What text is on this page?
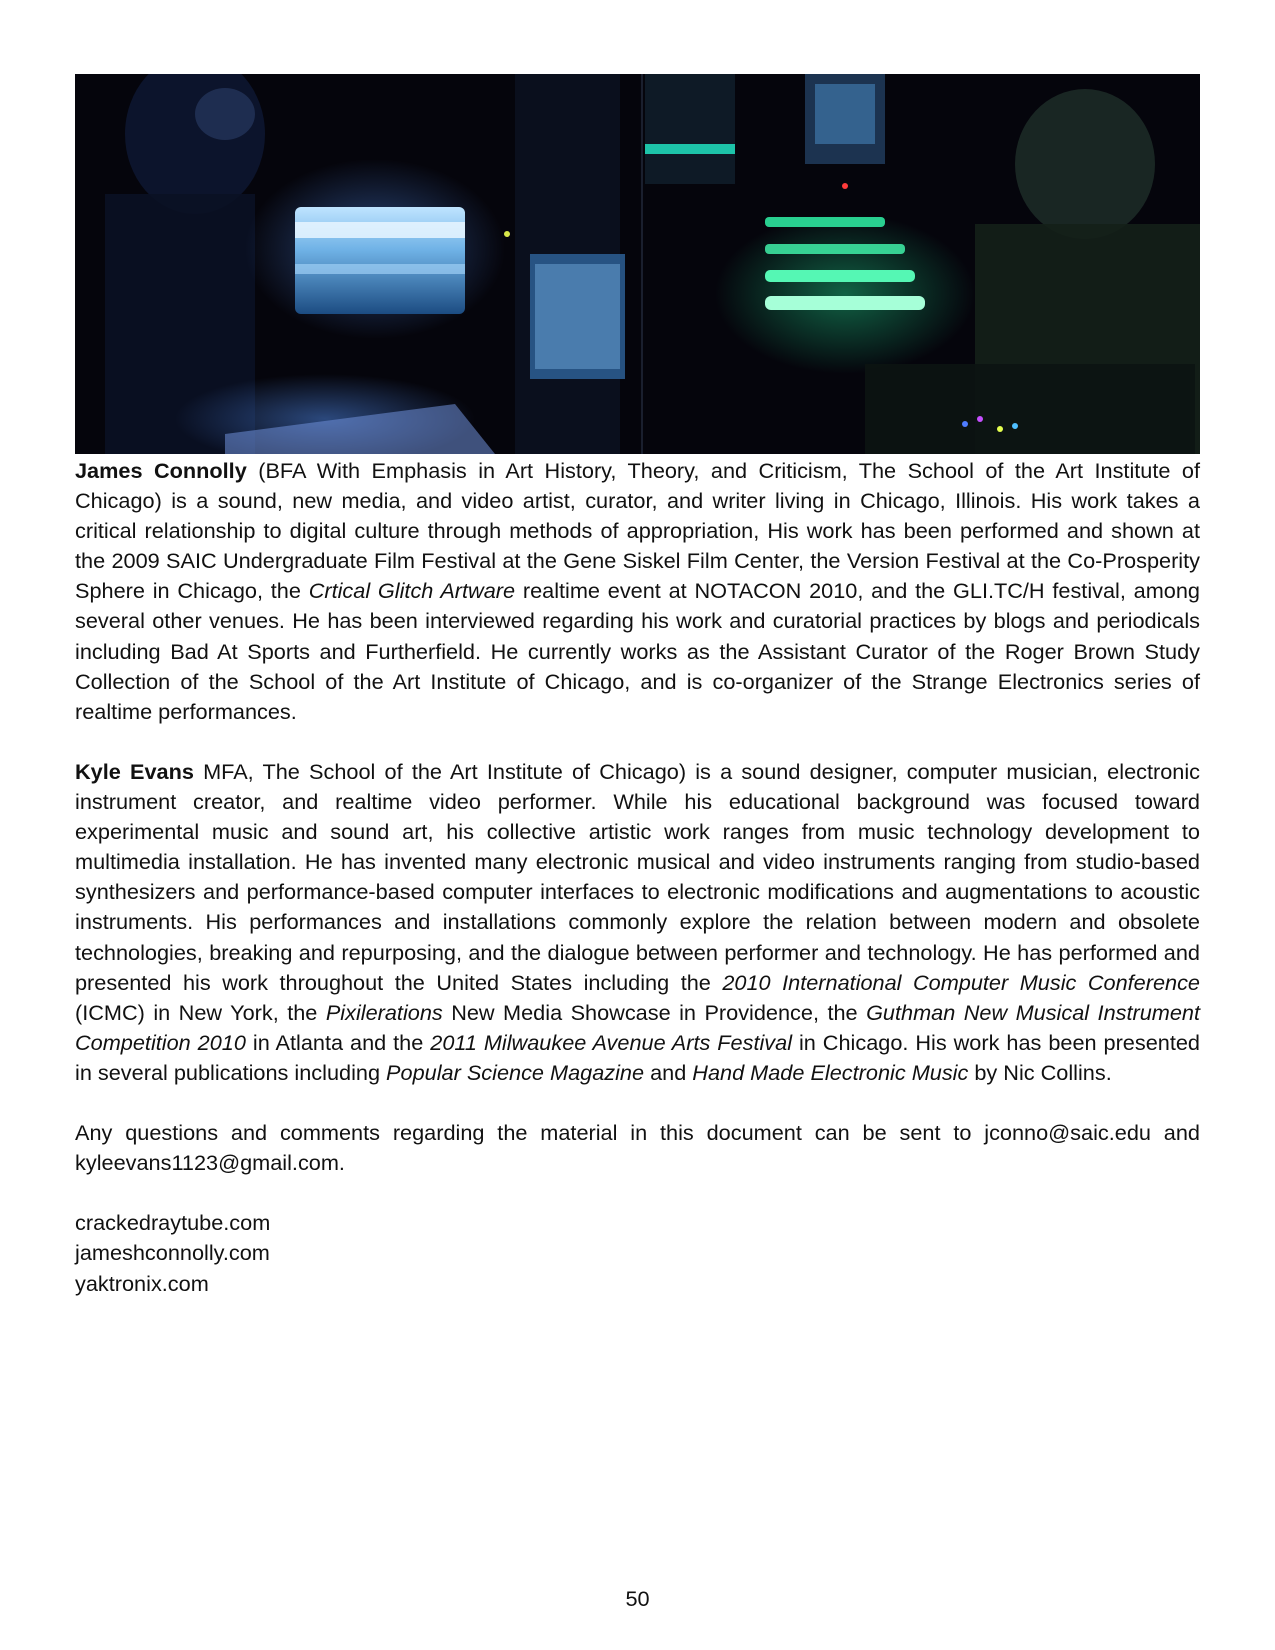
James Connolly (BFA With Emphasis in Art History, Theory, and Criticism, The School of the Art Institute of Chicago) is a sound, new media, and video artist, curator, and writer living in Chicago, Illinois. His work takes a critical relationship to digital culture through methods of appropriation, His work has been performed and shown at the 2009 SAIC Undergraduate Film Festival at the Gene Siskel Film Center, the Version Festival at the Co-Prosperity Sphere in Chicago, the Crtical Glitch Artware realtime event at NOTACON 2010, and the GLI.TC/H festival, among several other venues. He has been interviewed regarding his work and curatorial practices by blogs and periodicals including Bad At Sports and Furtherfield. He currently works as the Assistant Curator of the Roger Brown Study Collection of the School of the Art Institute of Chicago, and is co-organizer of the Strange Electronics series of realtime performances.

Kyle Evans MFA, The School of the Art Institute of Chicago) is a sound designer, computer musician, electronic instrument creator, and realtime video performer. While his educational background was focused toward experimental music and sound art, his collective artistic work ranges from music technology development to multimedia installation. He has invented many electronic musical and video instruments ranging from studio-based synthesizers and performance-based computer interfaces to electronic modifications and augmentations to acoustic instruments. His performances and installations commonly explore the relation between modern and obsolete technologies, breaking and repurposing, and the dialogue between performer and technology. He has performed and presented his work throughout the United States including the 2010 International Computer Music Conference (ICMC) in New York, the Pixilerations New Media Showcase in Providence, the Guthman New Musical Instrument Competition 2010 in Atlanta and the 2011 Milwaukee Avenue Arts Festival in Chicago. His work has been presented in several publications including Popular Science Magazine and Hand Made Electronic Music by Nic Collins.

Any questions and comments regarding the material in this document can be sent to jconno@saic.edu and kyleevans1123@gmail.com.

crackedraytube.com
jameshconnolly.com
yaktronix.com

50
